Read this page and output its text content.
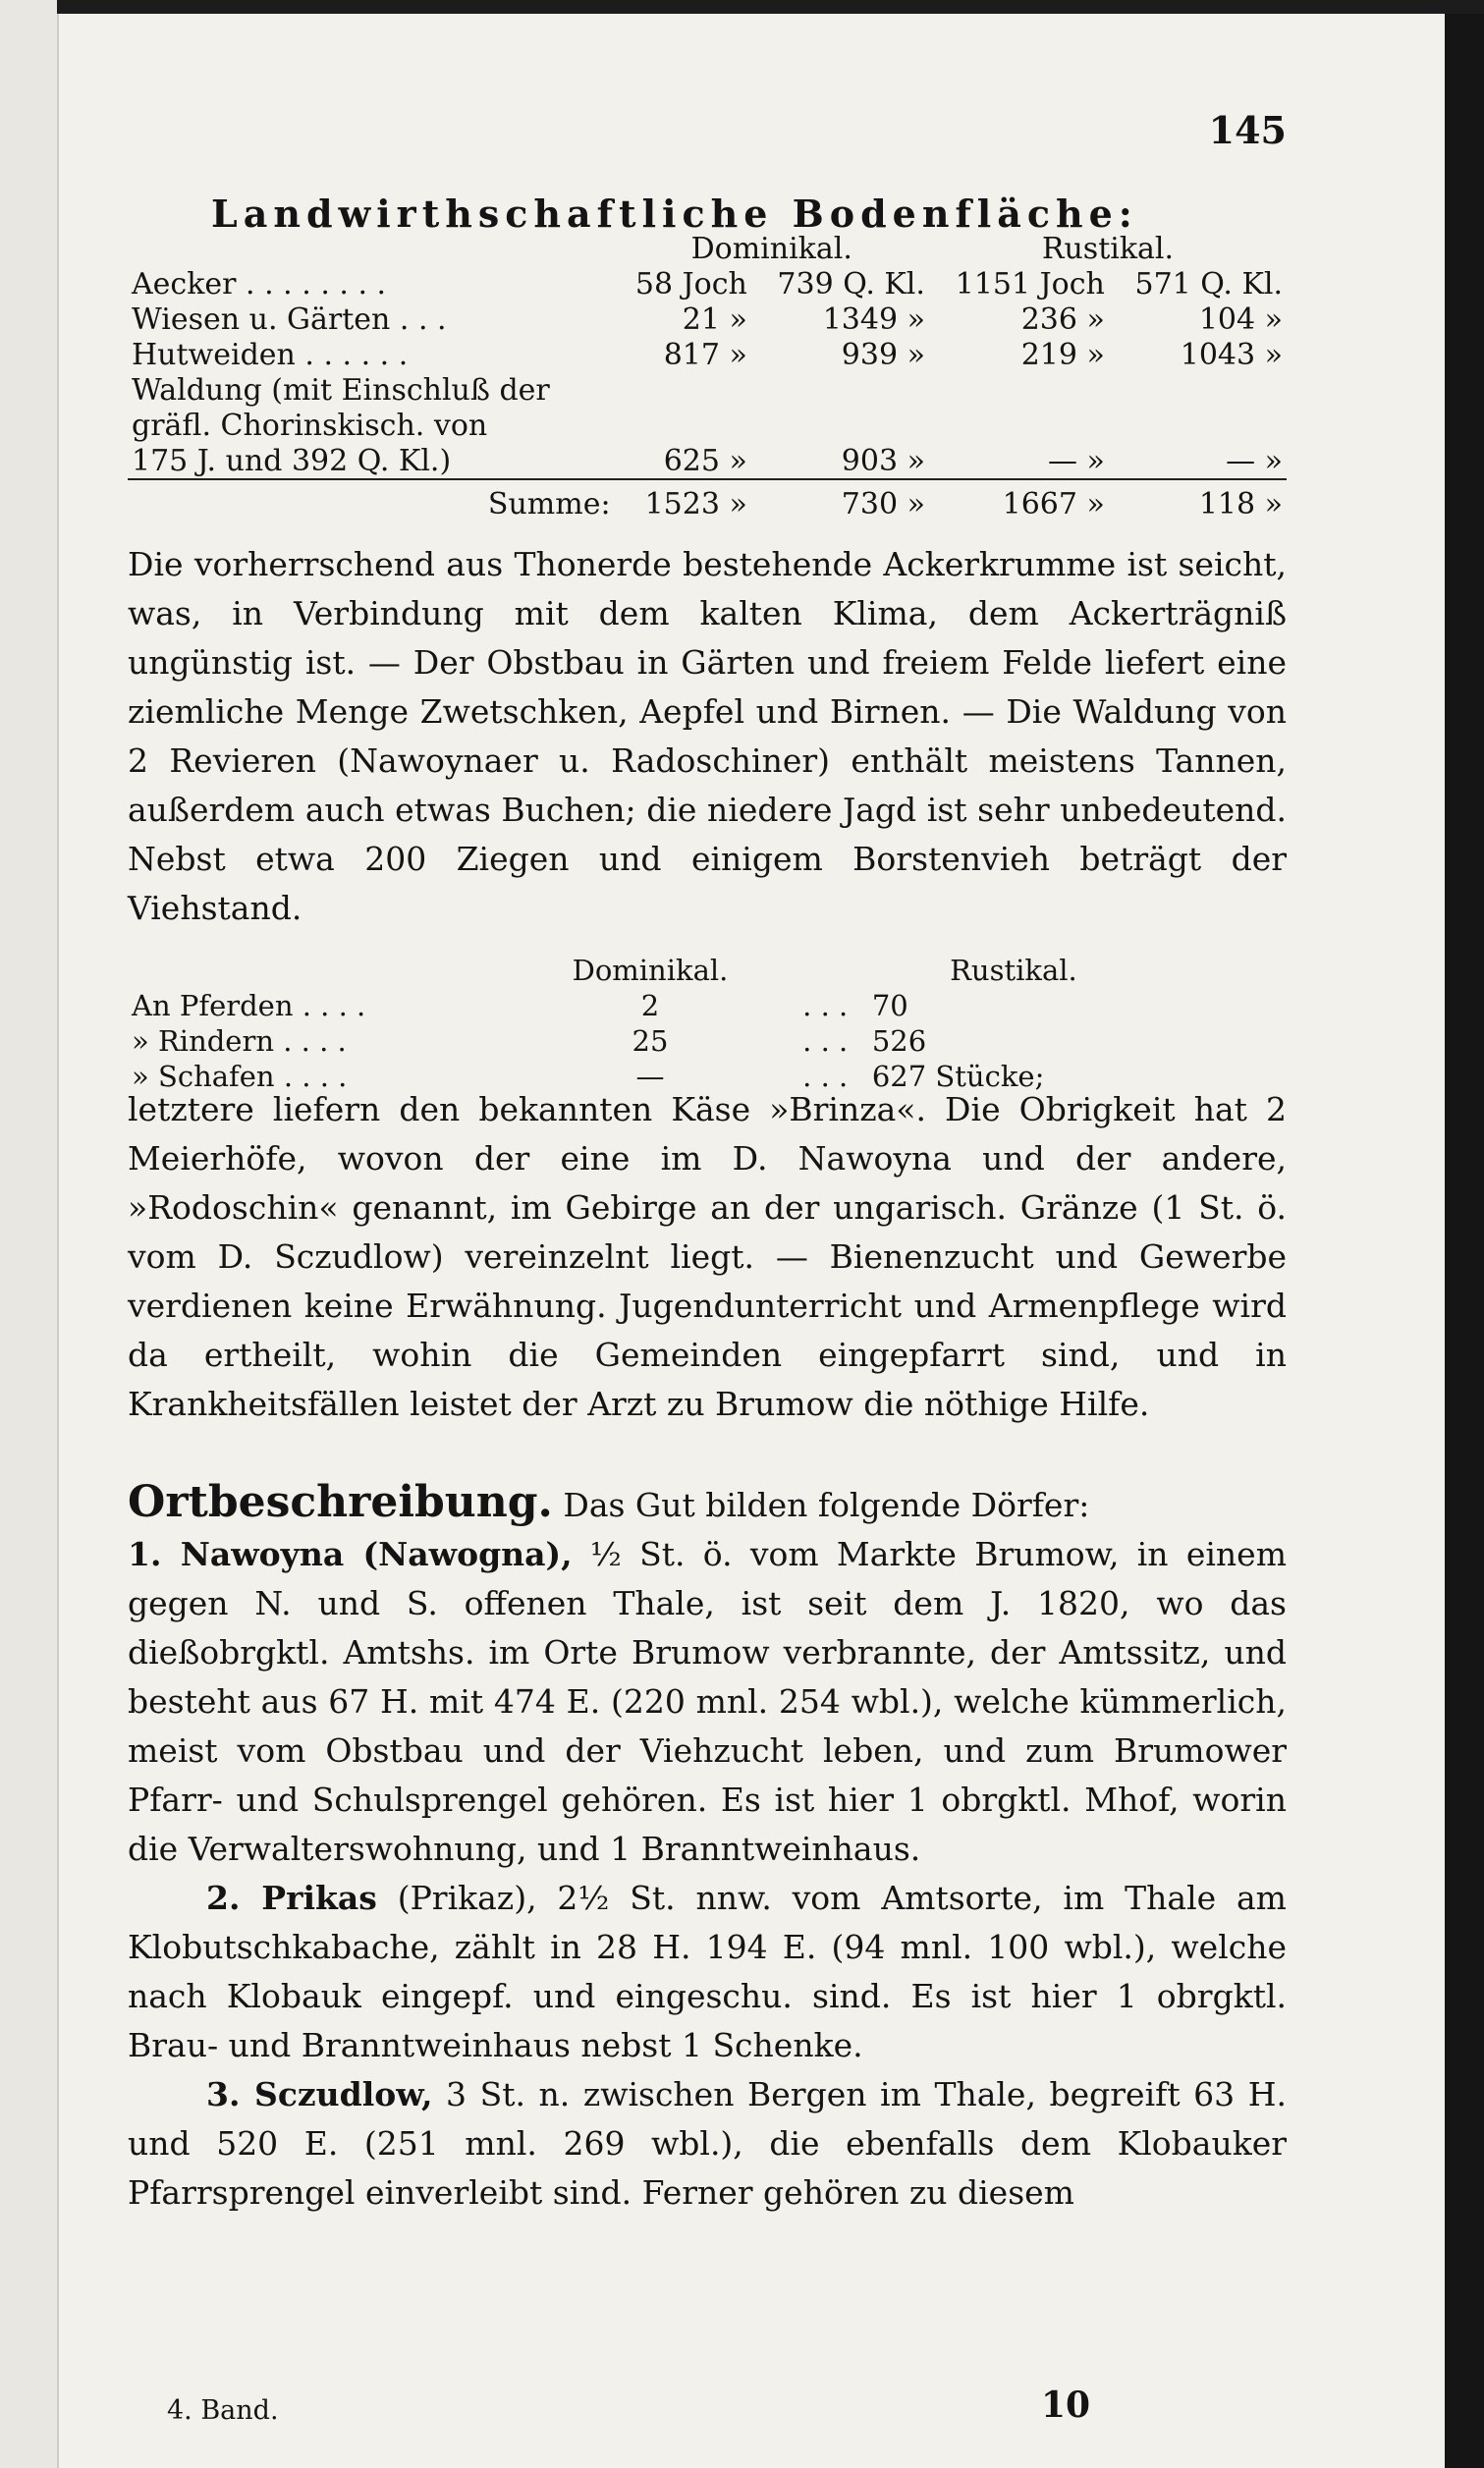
145
Landwirthschaftliche Bodenfläche:
	Dominikal.		Rustikal.	
Aecker . . . . . . . .	58 Joch	739 Q. Kl.	1151 Joch	571 Q. Kl.
Wiesen u. Gärten . . .	21 »	1349 »	236 »	104 »
Hutweiden . . . . . .	817 »	939 »	219 »	1043 »
Waldung (mit Einschluß der				
gräfl. Chorinskisch. von				
175 J. und 392 Q. Kl.)	625 »	903 »	— »	— »
Summe:	1523 »	730 »	1667 »	118 »
Die vorherrschend aus Thonerde bestehende Ackerkrumme ist seicht, was, in Verbindung mit dem kalten Klima, dem Ackerträgniß ungünstig ist. — Der Obstbau in Gärten und freiem Felde liefert eine ziemliche Menge Zwetschken, Aepfel und Birnen. — Die Waldung von 2 Revieren (Nawoynaer u. Radoschiner) enthält meistens Tannen, außerdem auch etwas Buchen; die niedere Jagd ist sehr unbedeutend. Nebst etwa 200 Ziegen und einigem Borstenvieh beträgt der Viehstand.
	Dominikal.		Rustikal.
An Pferden . . . .	2	. . .	70
» Rindern . . . .	25	. . .	526
» Schafen . . . .	—	. . .	627 Stücke;
letztere liefern den bekannten Käse »Brinza«. Die Obrigkeit hat 2 Meierhöfe, wovon der eine im D. Nawoyna und der andere, »Rodoschin« genannt, im Gebirge an der ungarisch. Gränze (1 St. ö. vom D. Sczudlow) vereinzelnt liegt. — Bienenzucht und Gewerbe verdienen keine Erwähnung. Jugendunterricht und Armenpflege wird da ertheilt, wohin die Gemeinden eingepfarrt sind, und in Krankheitsfällen leistet der Arzt zu Brumow die nöthige Hilfe.
Ortbeschreibung. Das Gut bilden folgende Dörfer:
1. Nawoyna (Nawogna), ½ St. ö. vom Markte Brumow, in einem gegen N. und S. offenen Thale, ist seit dem J. 1820, wo das dießobrgktl. Amtshs. im Orte Brumow verbrannte, der Amtssitz, und besteht aus 67 H. mit 474 E. (220 mnl. 254 wbl.), welche kümmerlich, meist vom Obstbau und der Viehzucht leben, und zum Brumower Pfarr- und Schulsprengel gehören. Es ist hier 1 obrgktl. Mhof, worin die Verwalterswohnung, und 1 Branntweinhaus.
2. Prikas (Prikaz), 2½ St. nnw. vom Amtsorte, im Thale am Klobutschkabache, zählt in 28 H. 194 E. (94 mnl. 100 wbl.), welche nach Klobauk eingepf. und eingeschu. sind. Es ist hier 1 obrgktl. Brau- und Branntweinhaus nebst 1 Schenke.
3. Sczudlow, 3 St. n. zwischen Bergen im Thale, begreift 63 H. und 520 E. (251 mnl. 269 wbl.), die ebenfalls dem Klobauker Pfarrsprengel einverleibt sind. Ferner gehören zu diesem
4. Band.	10
